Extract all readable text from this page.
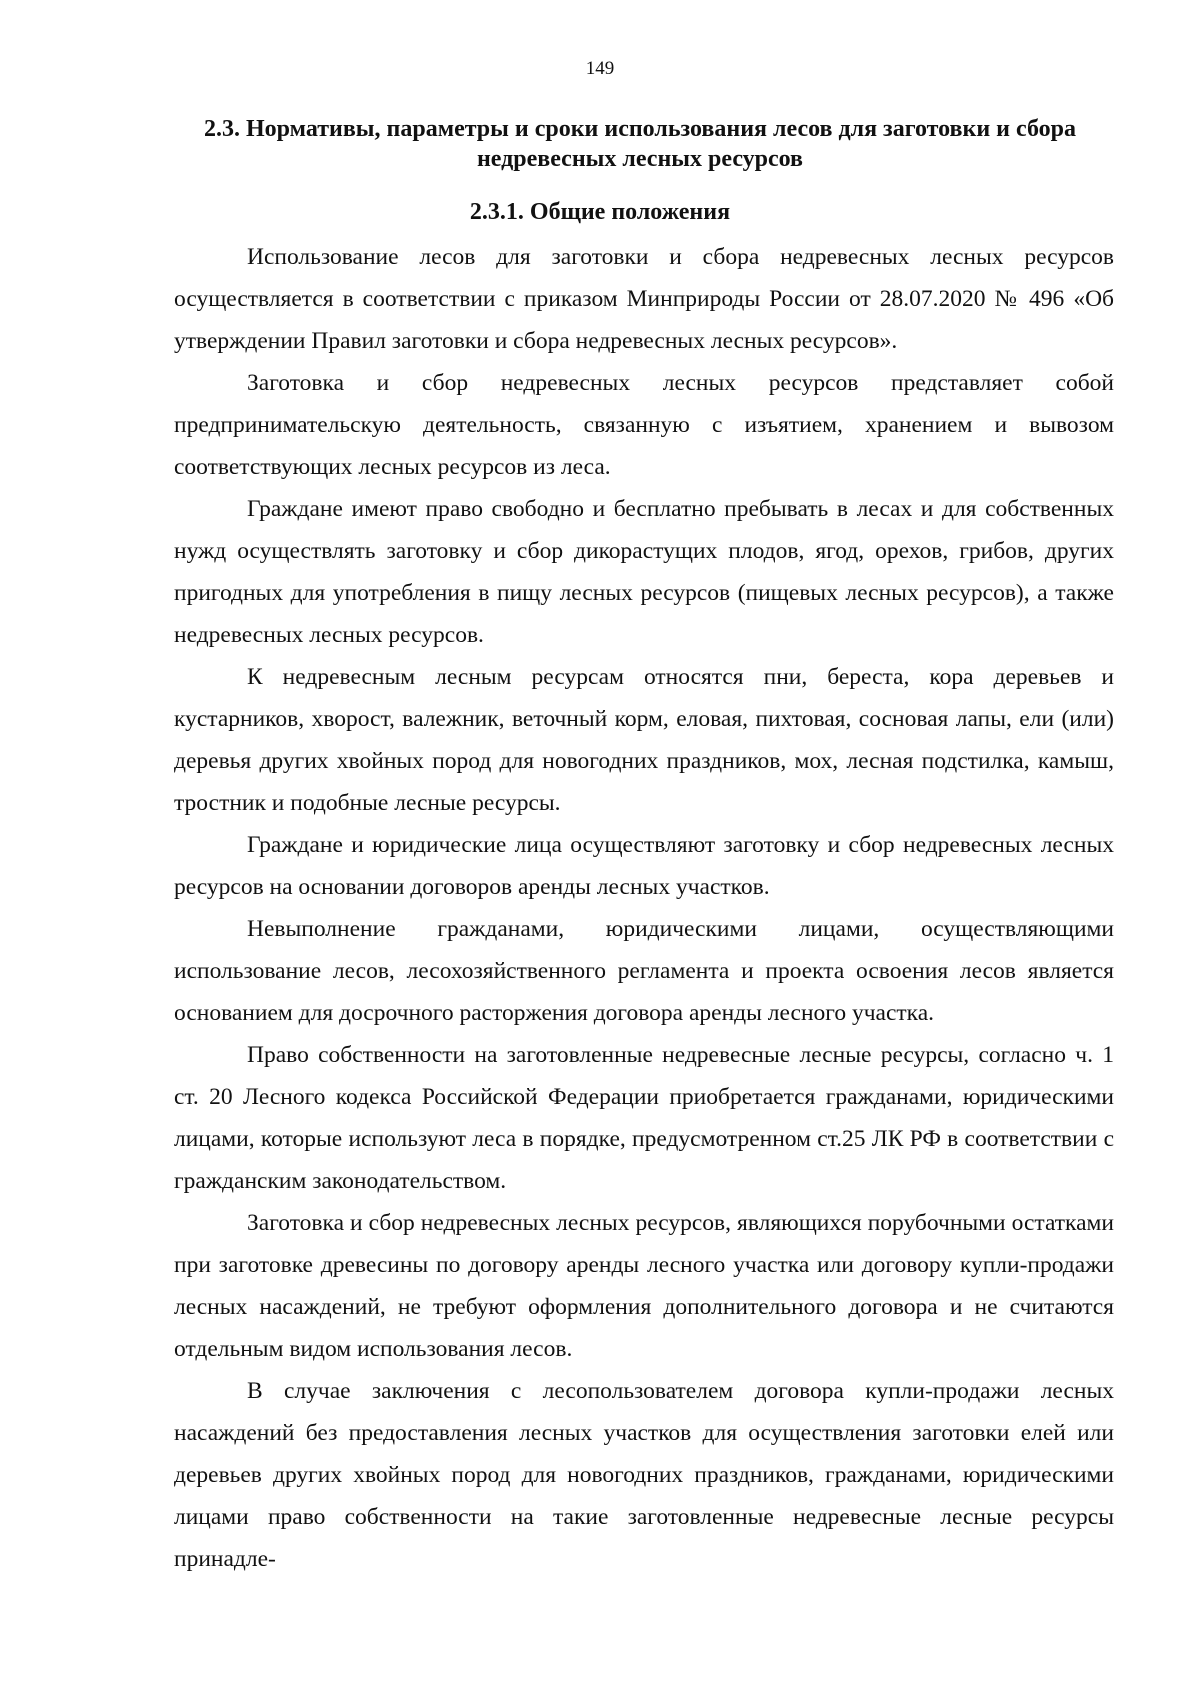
149
2.3. Нормативы, параметры и сроки использования лесов для заготовки и сбора недревесных лесных ресурсов
2.3.1. Общие положения

Использование лесов для заготовки и сбора недревесных лесных ресурсов осуществляется в соответствии с приказом Минприроды России от 28.07.2020 № 496 «Об утверждении Правил заготовки и сбора недревесных лесных ресурсов».

Заготовка и сбор недревесных лесных ресурсов представляет собой предпринимательскую деятельность, связанную с изъятием, хранением и вывозом соответствующих лесных ресурсов из леса.

Граждане имеют право свободно и бесплатно пребывать в лесах и для собственных нужд осуществлять заготовку и сбор дикорастущих плодов, ягод, орехов, грибов, других пригодных для употребления в пищу лесных ресурсов (пищевых лесных ресурсов), а также недревесных лесных ресурсов.

К недревесным лесным ресурсам относятся пни, береста, кора деревьев и кустарников, хворост, валежник, веточный корм, еловая, пихтовая, сосновая лапы, ели (или) деревья других хвойных пород для новогодних праздников, мох, лесная подстилка, камыш, тростник и подобные лесные ресурсы.

Граждане и юридические лица осуществляют заготовку и сбор недревесных лесных ресурсов на основании договоров аренды лесных участков.

Невыполнение гражданами, юридическими лицами, осуществляющими использование лесов, лесохозяйственного регламента и проекта освоения лесов является основанием для досрочного расторжения договора аренды лесного участка.

Право собственности на заготовленные недревесные лесные ресурсы, согласно ч. 1 ст. 20 Лесного кодекса Российской Федерации приобретается гражданами, юридическими лицами, которые используют леса в порядке, предусмотренном ст.25 ЛК РФ в соответствии с гражданским законодательством.

Заготовка и сбор недревесных лесных ресурсов, являющихся порубочными остатками при заготовке древесины по договору аренды лесного участка или договору купли-продажи лесных насаждений, не требуют оформления дополнительного договора и не считаются отдельным видом использования лесов.

В случае заключения с лесопользователем договора купли-продажи лесных насаждений без предоставления лесных участков для осуществления заготовки елей или деревьев других хвойных пород для новогодних праздников, гражданами, юридическими лицами право собственности на такие заготовленные недревесные лесные ресурсы принадле-
